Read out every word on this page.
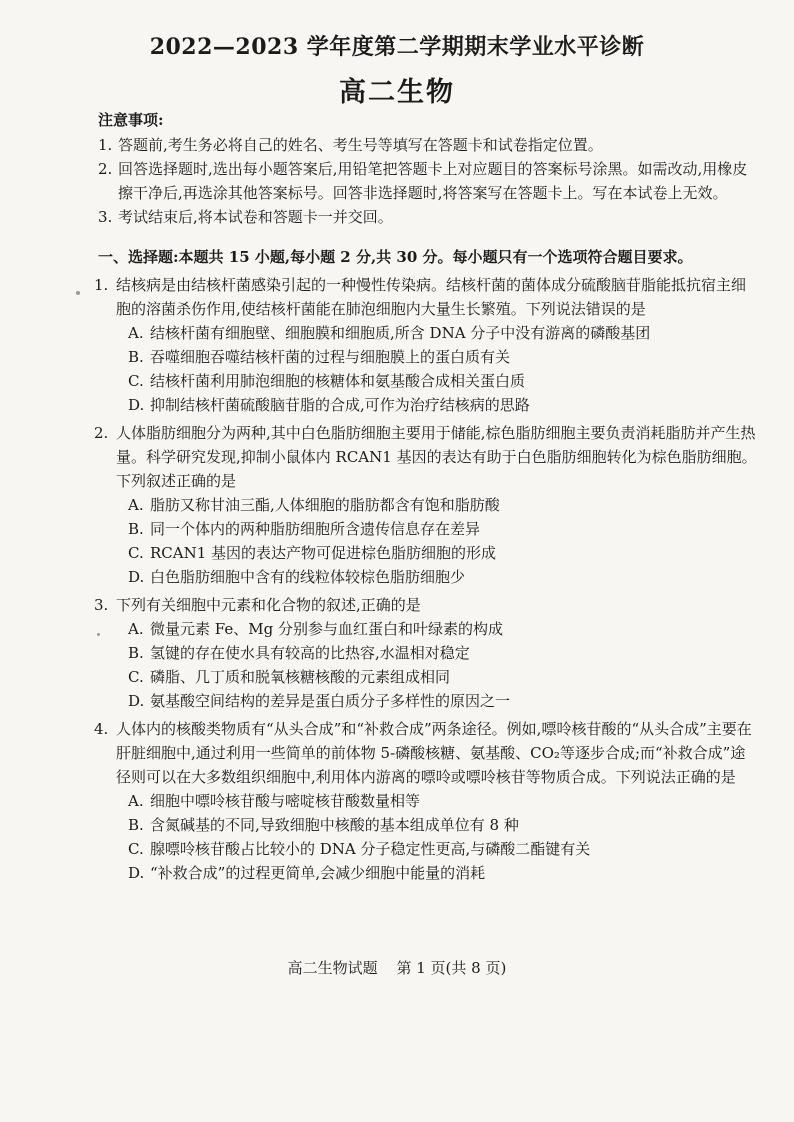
2022—2023 学年度第二学期期末学业水平诊断
高二生物
注意事项:
1. 答题前,考生务必将自己的姓名、考生号等填写在答题卡和试卷指定位置。
2. 回答选择题时,选出每小题答案后,用铅笔把答题卡上对应题目的答案标号涂黑。如需改动,用橡皮擦干净后,再选涂其他答案标号。回答非选择题时,将答案写在答题卡上。写在本试卷上无效。
3. 考试结束后,将本试卷和答题卡一并交回。
一、选择题:本题共 15 小题,每小题 2 分,共 30 分。每小题只有一个选项符合题目要求。
1. 结核病是由结核杆菌感染引起的一种慢性传染病。结核杆菌的菌体成分硫酸脑苷脂能抵抗宿主细胞的溶菌杀伤作用,使结核杆菌能在肺泡细胞内大量生长繁殖。下列说法错误的是
A. 结核杆菌有细胞壁、细胞膜和细胞质,所含 DNA 分子中没有游离的磷酸基团
B. 吞噬细胞吞噬结核杆菌的过程与细胞膜上的蛋白质有关
C. 结核杆菌利用肺泡细胞的核糖体和氨基酸合成相关蛋白质
D. 抑制结核杆菌硫酸脑苷脂的合成,可作为治疗结核病的思路
2. 人体脂肪细胞分为两种,其中白色脂肪细胞主要用于储能,棕色脂肪细胞主要负责消耗脂肪并产生热量。科学研究发现,抑制小鼠体内 RCAN1 基因的表达有助于白色脂肪细胞转化为棕色脂肪细胞。下列叙述正确的是
A. 脂肪又称甘油三酯,人体细胞的脂肪都含有饱和脂肪酸
B. 同一个体内的两种脂肪细胞所含遗传信息存在差异
C. RCAN1 基因的表达产物可促进棕色脂肪细胞的形成
D. 白色脂肪细胞中含有的线粒体较棕色脂肪细胞少
3. 下列有关细胞中元素和化合物的叙述,正确的是
A. 微量元素 Fe、Mg 分别参与血红蛋白和叶绿素的构成
B. 氢键的存在使水具有较高的比热容,水温相对稳定
C. 磷脂、几丁质和脱氧核糖核酸的元素组成相同
D. 氨基酸空间结构的差异是蛋白质分子多样性的原因之一
4. 人体内的核酸类物质有“从头合成”和“补救合成”两条途径。例如,嘌呤核苷酸的“从头合成”主要在肝脏细胞中,通过利用一些简单的前体物 5-磷酸核糖、氨基酸、CO₂等逐步合成;而“补救合成”途径则可以在大多数组织细胞中,利用体内游离的嘌呤或嘌呤核苷等物质合成。下列说法正确的是
A. 细胞中嘌呤核苷酸与嘧啶核苷酸数量相等
B. 含氮碱基的不同,导致细胞中核酸的基本组成单位有 8 种
C. 腺嘌呤核苷酸占比较小的 DNA 分子稳定性更高,与磷酸二酯键有关
D. “补救合成”的过程更简单,会减少细胞中能量的消耗
高二生物试题 第 1 页(共 8 页)
